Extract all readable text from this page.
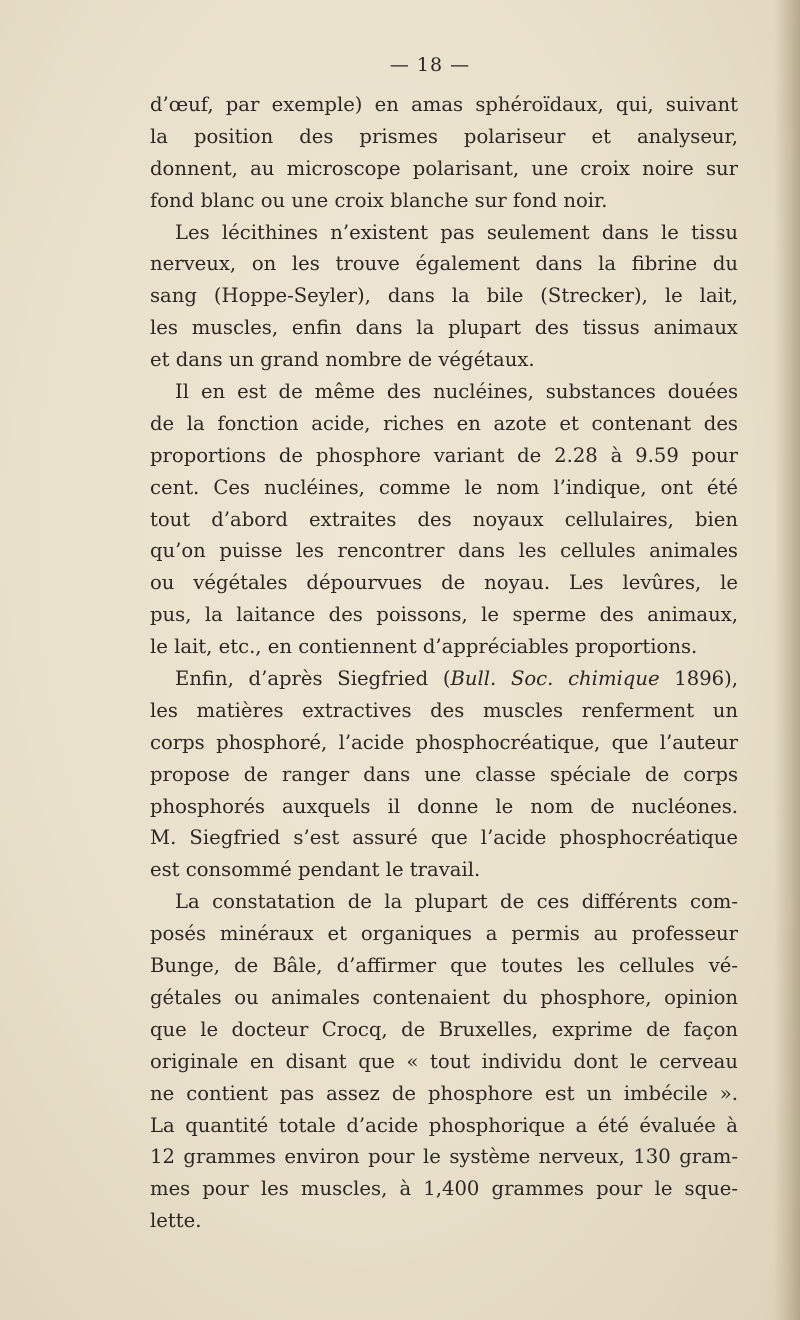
— 18 —
d’œuf, par exemple) en amas sphéroïdaux, qui, suivant
la position des prismes polariseur et analyseur,
donnent, au microscope polarisant, une croix noire sur
fond blanc ou une croix blanche sur fond noir.
Les lécithines n’existent pas seulement dans le tissu
nerveux, on les trouve également dans la fibrine du
sang (Hoppe-Seyler), dans la bile (Strecker), le lait,
les muscles, enfin dans la plupart des tissus animaux
et dans un grand nombre de végétaux.
Il en est de même des nucléines, substances douées
de la fonction acide, riches en azote et contenant des
proportions de phosphore variant de 2.28 à 9.59 pour
cent. Ces nucléines, comme le nom l’indique, ont été
tout d’abord extraites des noyaux cellulaires, bien
qu’on puisse les rencontrer dans les cellules animales
ou végétales dépourvues de noyau. Les levûres, le
pus, la laitance des poissons, le sperme des animaux,
le lait, etc., en contiennent d’appréciables proportions.
Enfin, d’après Siegfried (Bull. Soc. chimique 1896),
les matières extractives des muscles renferment un
corps phosphoré, l’acide phosphocréatique, que l’auteur
propose de ranger dans une classe spéciale de corps
phosphorés auxquels il donne le nom de nucléones.
M. Siegfried s’est assuré que l’acide phosphocréatique
est consommé pendant le travail.
La constatation de la plupart de ces différents com-
posés minéraux et organiques a permis au professeur
Bunge, de Bâle, d’affirmer que toutes les cellules vé-
gétales ou animales contenaient du phosphore, opinion
que le docteur Crocq, de Bruxelles, exprime de façon
originale en disant que « tout individu dont le cerveau
ne contient pas assez de phosphore est un imbécile ».
La quantité totale d’acide phosphorique a été évaluée à
12 grammes environ pour le système nerveux, 130 gram-
mes pour les muscles, à 1,400 grammes pour le sque-
lette.
